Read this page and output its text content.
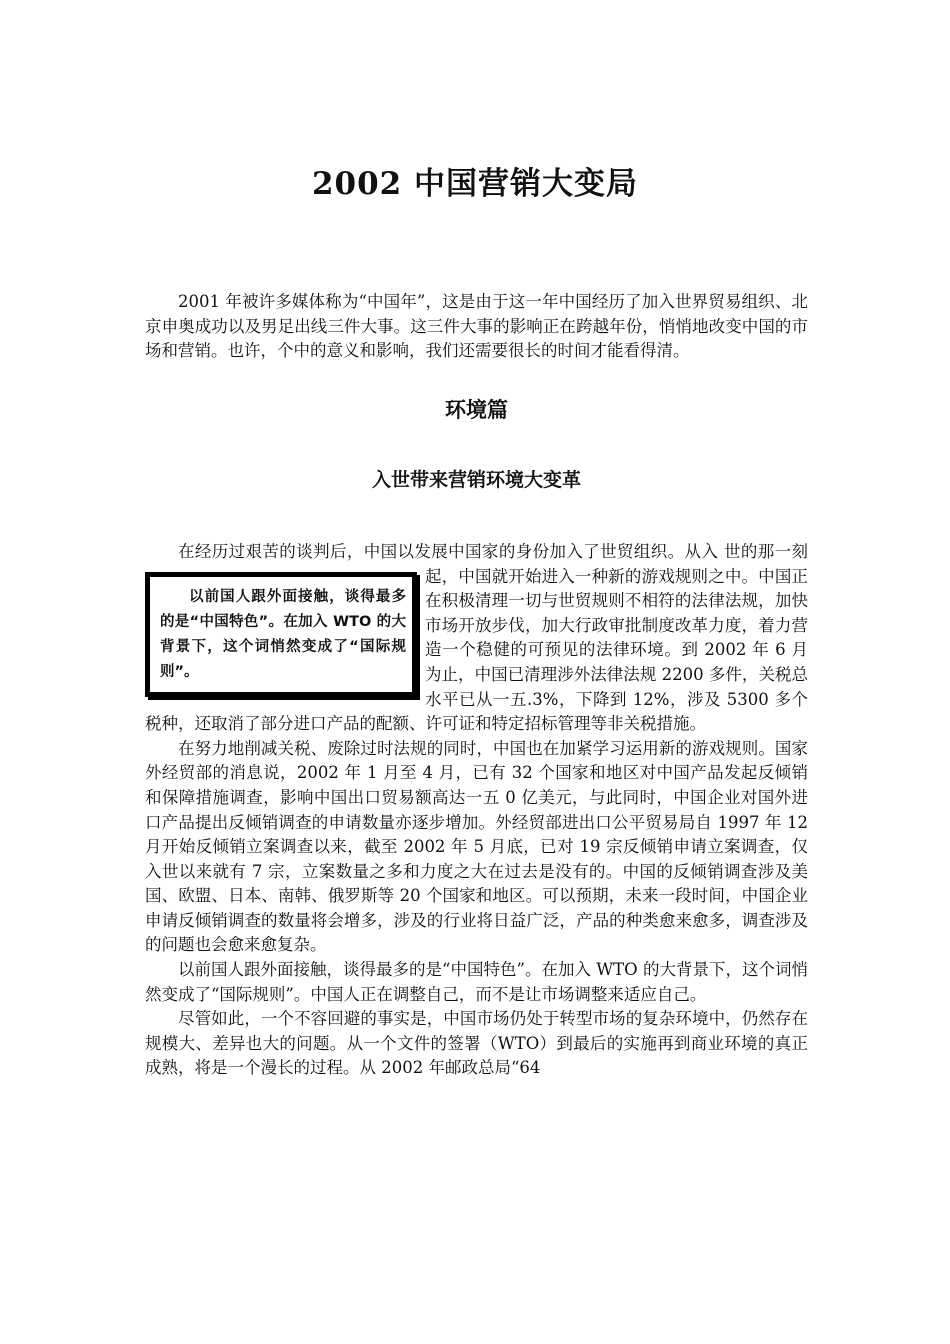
2002 中国营销大变局

2001 年被许多媒体称为“中国年”，这是由于这一年中国经历了加入世界贸易组织、北京申奥成功以及男足出线三件大事。这三件大事的影响正在跨越年份，悄悄地改变中国的市场和营销。也许，个中的意义和影响，我们还需要很长的时间才能看得清。

环境篇
入世带来营销环境大变革

在经历过艰苦的谈判后，中国以发展中国家的身份加入了世贸组织。从入
以前国人跟外面接触，谈得最多的是“中国特色”。在加入 WTO 的大背景下，这个词悄然变成了“国际规则”。
世的那一刻起，中国就开始进入一种新的游戏规则之中。中国正在积极清理一切与世贸规则不相符的法律法规，加快市场开放步伐，加大行政审批制度改革力度，着力营造一个稳健的可预见的法律环境。到 2002 年 6 月为止，中国已清理涉外法律法规 2200 多件，关税总水平已从一五.3%，下降到 12%，涉及 5300 多个税种，还取消了部分进口产品的配额、许可证和特定招标管理等非关税措施。

在努力地削减关税、废除过时法规的同时，中国也在加紧学习运用新的游戏规则。国家外经贸部的消息说，2002 年 1 月至 4 月，已有 32 个国家和地区对中国产品发起反倾销和保障措施调查，影响中国出口贸易额高达一五 0 亿美元，与此同时，中国企业对国外进口产品提出反倾销调查的申请数量亦逐步增加。外经贸部进出口公平贸易局自 1997 年 12 月开始反倾销立案调查以来，截至 2002 年 5 月底，已对 19 宗反倾销申请立案调查，仅入世以来就有 7 宗，立案数量之多和力度之大在过去是没有的。中国的反倾销调查涉及美国、欧盟、日本、南韩、俄罗斯等 20 个国家和地区。可以预期，未来一段时间，中国企业申请反倾销调查的数量将会增多，涉及的行业将日益广泛，产品的种类愈来愈多，调查涉及的问题也会愈来愈复杂。

以前国人跟外面接触，谈得最多的是“中国特色”。在加入 WTO 的大背景下，这个词悄然变成了“国际规则”。中国人正在调整自己，而不是让市场调整来适应自己。

尽管如此，一个不容回避的事实是，中国市场仍处于转型市场的复杂环境中，仍然存在规模大、差异也大的问题。从一个文件的签署（WTO）到最后的实施再到商业环境的真正成熟，将是一个漫长的过程。从 2002 年邮政总局“64
